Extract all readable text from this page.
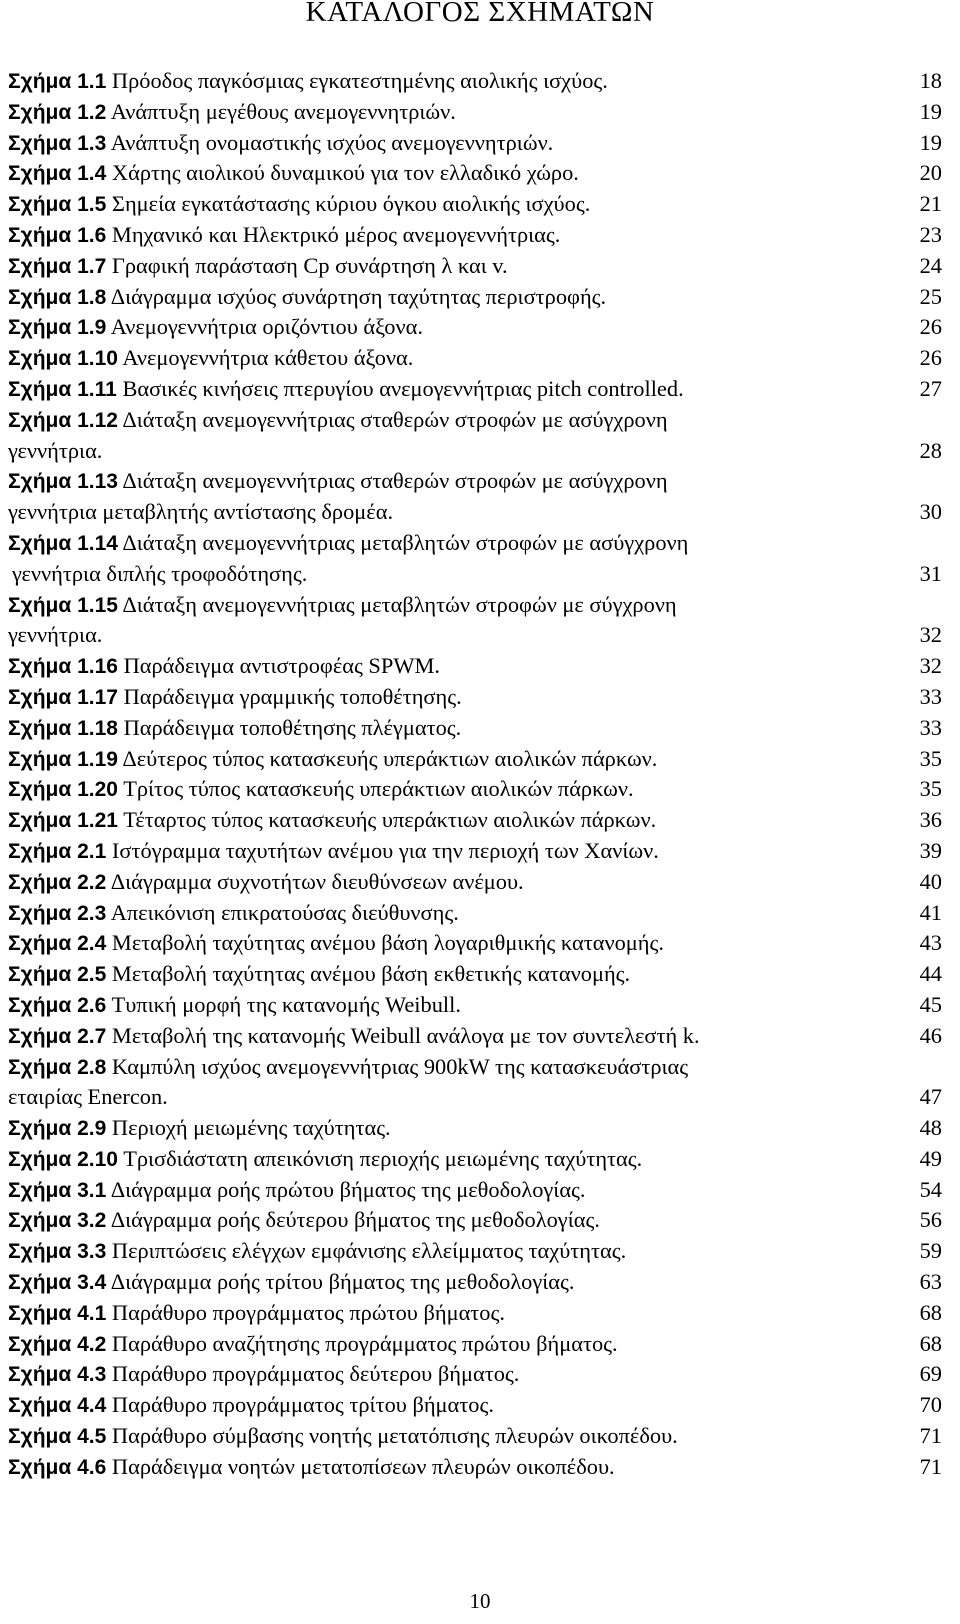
ΚΑΤΑΛΟΓΟΣ ΣΧΗΜΑΤΩΝ
Σχήμα 1.1 Πρόοδος παγκόσμιας εγκατεστημένης αιολικής ισχύος.	18
Σχήμα 1.2 Ανάπτυξη μεγέθους ανεμογεννητριών.	19
Σχήμα 1.3 Ανάπτυξη ονομαστικής ισχύος ανεμογεννητριών.	19
Σχήμα 1.4 Χάρτης αιολικού δυναμικού για τον ελλαδικό χώρο.	20
Σχήμα 1.5 Σημεία εγκατάστασης κύριου όγκου αιολικής ισχύος.	21
Σχήμα 1.6 Μηχανικό και Ηλεκτρικό μέρος ανεμογεννήτριας.	23
Σχήμα 1.7 Γραφική παράσταση Cp συνάρτηση λ και v.	24
Σχήμα 1.8 Διάγραμμα ισχύος συνάρτηση ταχύτητας περιστροφής.	25
Σχήμα 1.9 Ανεμογεννήτρια οριζόντιου άξονα.	26
Σχήμα 1.10 Ανεμογεννήτρια κάθετου άξονα.	26
Σχήμα 1.11 Βασικές κινήσεις πτερυγίου ανεμογεννήτριας pitch controlled.	27
Σχήμα 1.12 Διάταξη ανεμογεννήτριας σταθερών στροφών με ασύγχρονη
γεννήτρια.	28
Σχήμα 1.13 Διάταξη ανεμογεννήτριας σταθερών στροφών με ασύγχρονη
γεννήτρια μεταβλητής αντίστασης δρομέα.	30
Σχήμα 1.14 Διάταξη ανεμογεννήτριας μεταβλητών στροφών με ασύγχρονη
γεννήτρια διπλής τροφοδότησης.	31
Σχήμα 1.15 Διάταξη ανεμογεννήτριας μεταβλητών στροφών με σύγχρονη
γεννήτρια.	32
Σχήμα 1.16 Παράδειγμα αντιστροφέας SPWM.	32
Σχήμα 1.17 Παράδειγμα γραμμικής τοποθέτησης.	33
Σχήμα 1.18 Παράδειγμα τοποθέτησης πλέγματος.	33
Σχήμα 1.19 Δεύτερος τύπος κατασκευής υπεράκτιων αιολικών πάρκων.	35
Σχήμα 1.20 Τρίτος τύπος κατασκευής υπεράκτιων αιολικών πάρκων.	35
Σχήμα 1.21 Τέταρτος τύπος κατασκευής υπεράκτιων αιολικών πάρκων.	36
Σχήμα 2.1 Ιστόγραμμα ταχυτήτων ανέμου για την περιοχή των Χανίων.	39
Σχήμα 2.2 Διάγραμμα συχνοτήτων διευθύνσεων ανέμου.	40
Σχήμα 2.3 Απεικόνιση επικρατούσας διεύθυνσης.	41
Σχήμα 2.4 Μεταβολή ταχύτητας ανέμου βάση λογαριθμικής κατανομής.	43
Σχήμα 2.5 Μεταβολή ταχύτητας ανέμου βάση εκθετικής κατανομής.	44
Σχήμα 2.6 Τυπική μορφή της κατανομής Weibull.	45
Σχήμα 2.7 Μεταβολή της κατανομής Weibull ανάλογα με τον συντελεστή k.	46
Σχήμα 2.8 Καμπύλη ισχύος ανεμογεννήτριας 900kW της κατασκευάστριας
εταιρίας Enercon.	47
Σχήμα 2.9 Περιοχή μειωμένης ταχύτητας.	48
Σχήμα 2.10 Τρισδιάστατη απεικόνιση περιοχής μειωμένης ταχύτητας.	49
Σχήμα 3.1 Διάγραμμα ροής πρώτου βήματος της μεθοδολογίας.	54
Σχήμα 3.2 Διάγραμμα ροής δεύτερου βήματος της μεθοδολογίας.	56
Σχήμα 3.3 Περιπτώσεις ελέγχων εμφάνισης ελλείμματος ταχύτητας.	59
Σχήμα 3.4 Διάγραμμα ροής τρίτου βήματος της μεθοδολογίας.	63
Σχήμα 4.1 Παράθυρο προγράμματος πρώτου βήματος.	68
Σχήμα 4.2 Παράθυρο αναζήτησης προγράμματος πρώτου βήματος.	68
Σχήμα 4.3 Παράθυρο προγράμματος δεύτερου βήματος.	69
Σχήμα 4.4 Παράθυρο προγράμματος τρίτου βήματος.	70
Σχήμα 4.5 Παράθυρο σύμβασης νοητής μετατόπισης πλευρών οικοπέδου.	71
Σχήμα 4.6 Παράδειγμα νοητών μετατοπίσεων πλευρών οικοπέδου.	71
10
